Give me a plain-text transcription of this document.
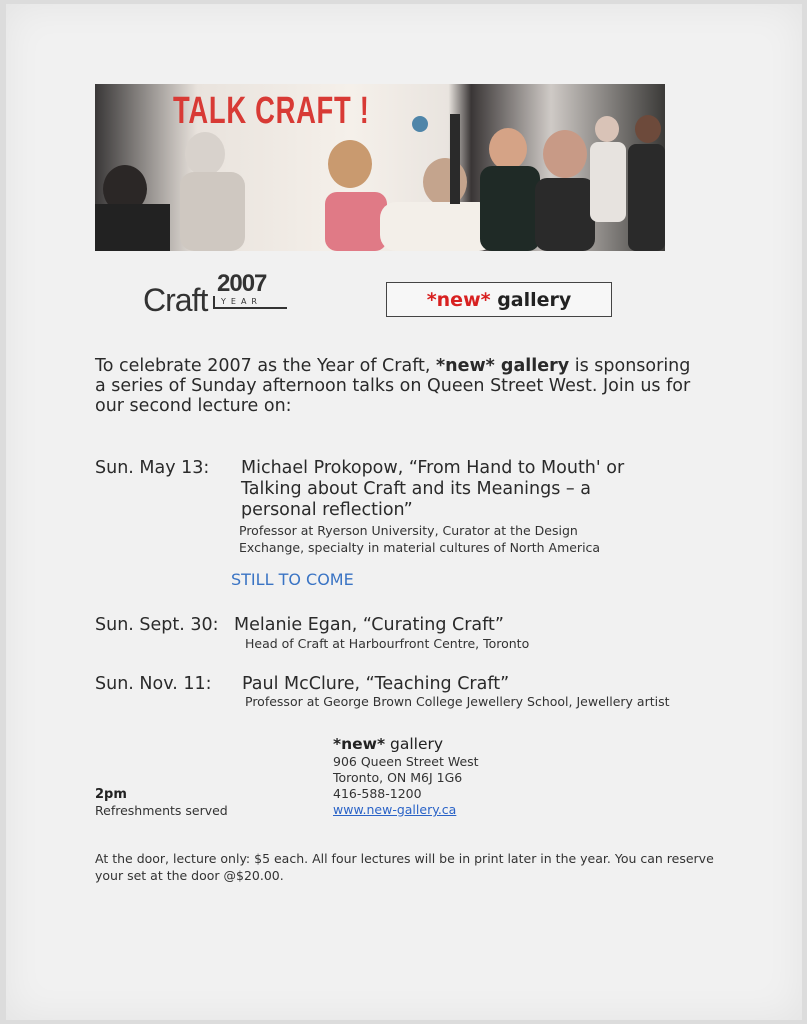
TALK CRAFT !
Craft 2007
YEAR	*new*
gallery
To celebrate 2007 as the Year of Craft, *new* gallery is sponsoring a series of Sunday afternoon talks on Queen Street West. Join us for our second lecture on:
Sun. May 13: Michael Prokopow, “From Hand to Mouth' or
Talking about Craft and its Meanings – a
personal reflection”
Professor at Ryerson University, Curator at the Design
Exchange, specialty in material cultures of North America
STILL TO COME
Sun. Sept. 30: Melanie Egan, “Curating Craft”
Head of Craft at Harbourfront Centre, Toronto
Sun. Nov. 11: Paul McClure, “Teaching Craft”
Professor at George Brown College Jewellery School, Jewellery artist
*new* gallery
906 Queen Street West
Toronto, ON M6J 1G6
416-588-1200
www.new-gallery.ca
2pm
Refreshments served
At the door, lecture only: $5 each. All four lectures will be in print later in the year. You can reserve your set at the door @$20.00.
